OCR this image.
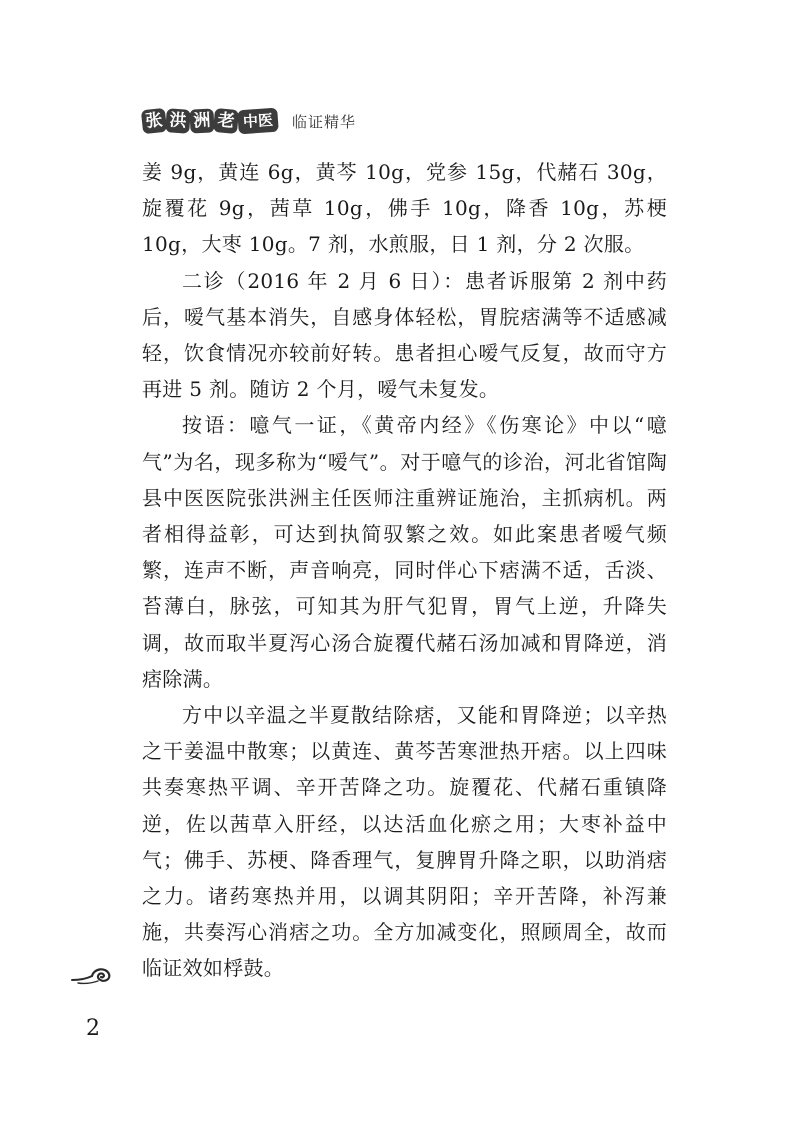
张 洪 洲 老 中医	临证精华

姜 9g，黄连 6g，黄芩 10g，党参 15g，代赭石 30g，旋覆花 9g，茜草 10g，佛手 10g，降香 10g，苏梗 10g，大枣 10g。7 剂，水煎服，日 1 剂，分 2 次服。

二诊（2016 年 2 月 6 日）：患者诉服第 2 剂中药后，嗳气基本消失，自感身体轻松，胃脘痞满等不适感减轻，饮食情况亦较前好转。患者担心嗳气反复，故而守方再进 5 剂。随访 2 个月，嗳气未复发。

按语：噫气一证，《黄帝内经》《伤寒论》中以“噫气”为名，现多称为“嗳气”。对于噫气的诊治，河北省馆陶县中医医院张洪洲主任医师注重辨证施治，主抓病机。两者相得益彰，可达到执简驭繁之效。如此案患者嗳气频繁，连声不断，声音响亮，同时伴心下痞满不适，舌淡、苔薄白，脉弦，可知其为肝气犯胃，胃气上逆，升降失调，故而取半夏泻心汤合旋覆代赭石汤加减和胃降逆，消痞除满。

方中以辛温之半夏散结除痞，又能和胃降逆；以辛热之干姜温中散寒；以黄连、黄芩苦寒泄热开痞。以上四味共奏寒热平调、辛开苦降之功。旋覆花、代赭石重镇降逆，佐以茜草入肝经，以达活血化瘀之用；大枣补益中气；佛手、苏梗、降香理气，复脾胃升降之职，以助消痞之力。诸药寒热并用，以调其阴阳；辛开苦降，补泻兼施，共奏泻心消痞之功。全方加减变化，照顾周全，故而临证效如桴鼓。

2
